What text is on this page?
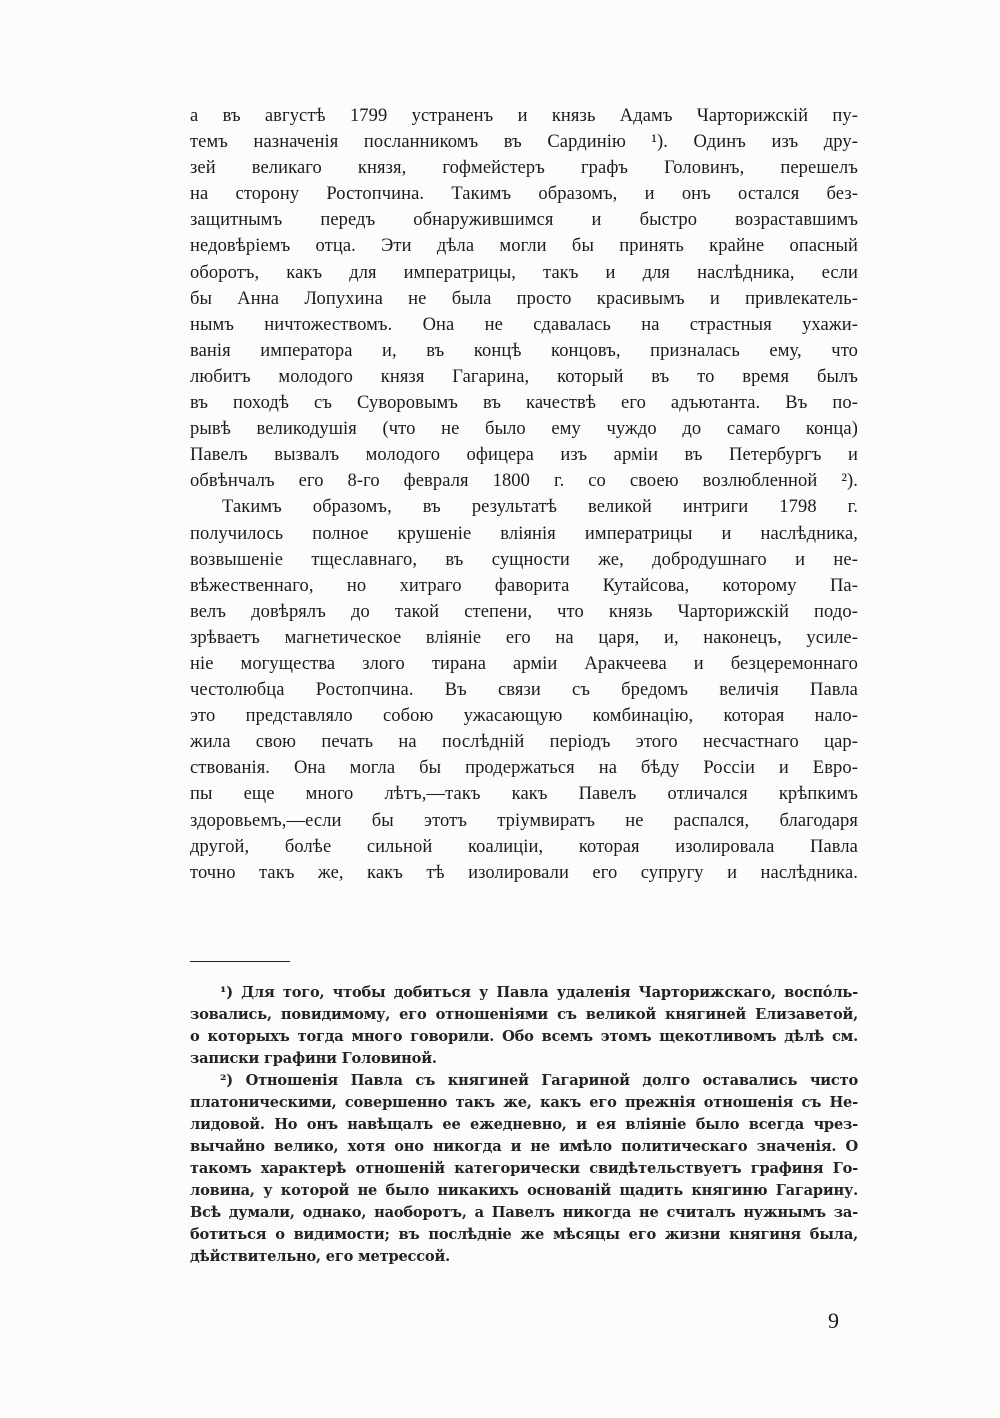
а въ августѣ 1799 устраненъ и князь Адамъ Чарторижскій пу-
темъ назначенія посланникомъ въ Сардинію ¹). Одинъ изъ дру-
зей великаго князя, гофмейстеръ графъ Головинъ, перешелъ
на сторону Ростопчина. Такимъ образомъ, и онъ остался без-
защитнымъ передъ обнаружившимся и быстро возраставшимъ
недовѣріемъ отца. Эти дѣла могли бы принять крайне опасный
оборотъ, какъ для императрицы, такъ и для наслѣдника, если
бы Анна Лопухина не была просто красивымъ и привлекатель-
нымъ ничтожествомъ. Она не сдавалась на страстныя ухажи-
ванія императора и, въ концѣ концовъ, призналась ему, что
любитъ молодого князя Гагарина, который въ то время былъ
въ походѣ съ Суворовымъ въ качествѣ его адъютанта. Въ по-
рывѣ великодушія (что не было ему чуждо до самаго конца)
Павелъ вызвалъ молодого офицера изъ арміи въ Петербургъ и
обвѣнчалъ его 8-го февраля 1800 г. со своею возлюбленной ²).
Такимъ образомъ, въ результатѣ великой интриги 1798 г.
получилось полное крушеніе вліянія императрицы и наслѣдника,
возвышеніе тщеславнаго, въ сущности же, добродушнаго и не-
вѣжественнаго, но хитраго фаворита Кутайсова, которому Па-
велъ довѣрялъ до такой степени, что князь Чарторижскій подо-
зрѣваетъ магнетическое вліяніе его на царя, и, наконецъ, усиле-
ніе могущества злого тирана арміи Аракчеева и безцеремоннаго
честолюбца Ростопчина. Въ связи съ бредомъ величія Павла
это представляло собою ужасающую комбинацію, которая нало-
жила свою печать на послѣдній періодъ этого несчастнаго цар-
ствованія. Она могла бы продержаться на бѣду Россіи и Евро-
пы еще много лѣтъ,—такъ какъ Павелъ отличался крѣпкимъ
здоровьемъ,—если бы этотъ тріумвиратъ не распался, благодаря
другой, болѣе сильной коалиціи, которая изолировала Павла
точно такъ же, какъ тѣ изолировали его супругу и наслѣдника.
¹) Для того, чтобы добиться у Павла удаленія Чарторижскаго, воспόль-
зовались, повидимому, его отношеніями съ великой княгиней Елизаветой,
о которыхъ тогда много говорили. Обо всемъ этомъ щекотливомъ дѣлѣ см.
записки графини Головиной.
²) Отношенія Павла съ княгиней Гагариной долго оставались чисто
платоническими, совершенно такъ же, какъ его прежнія отношенія съ Не-
лидовой. Но онъ навѣщалъ ее ежедневно, и ея вліяніе было всегда чрез-
вычайно велико, хотя оно никогда и не имѣло политическаго значенія. О
такомъ характерѣ отношеній категорически свидѣтельствуетъ графиня Го-
ловина, у которой не было никакихъ основаній щадить княгиню Гагарину.
Всѣ думали, однако, наоборотъ, а Павелъ никогда не считалъ нужнымъ за-
ботиться о видимости; въ послѣдніе же мѣсяцы его жизни княгиня была,
дѣйствительно, его метрессой.
9
